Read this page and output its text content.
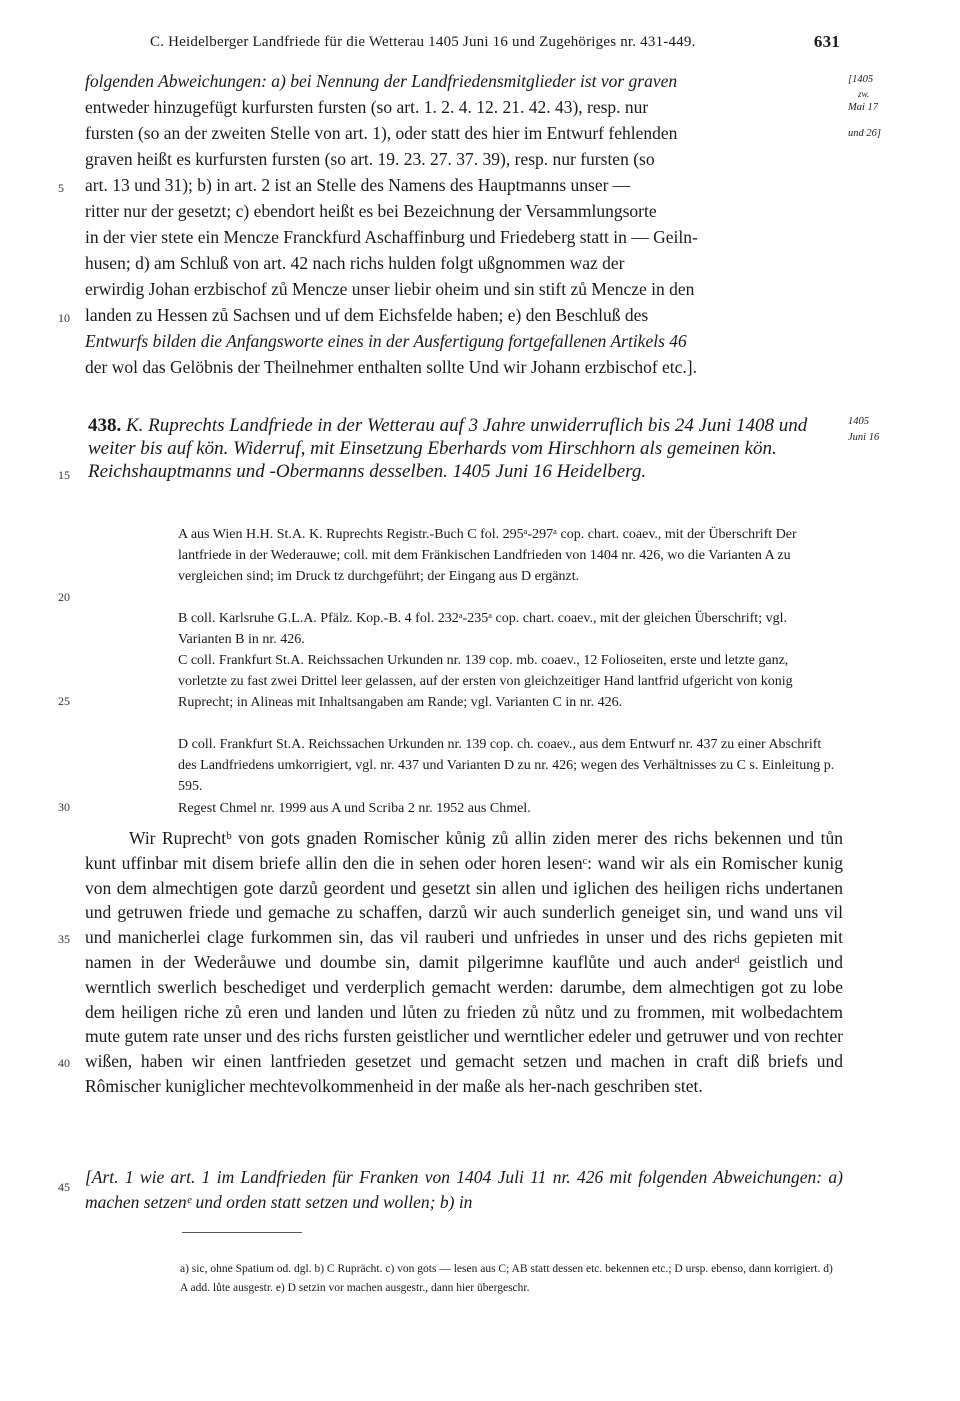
C. Heidelberger Landfriede für die Wetterau 1405 Juni 16 und Zugehöriges nr. 431-449.	631
folgenden Abweichungen: a) bei Nennung der Landfriedensmitglieder ist vor graven
entweder hinzugefügt kurfursten fursten (so art. 1. 2. 4. 12. 21. 42. 43), resp. nur
fursten (so an der zweiten Stelle von art. 1), oder statt des hier im Entwurf fehlenden
graven heißt es kurfursten fursten (so art. 19. 23. 27. 37. 39), resp. nur fursten (so
art. 13 und 31); b) in art. 2 ist an Stelle des Namens des Hauptmanns unser —
ritter nur der gesetzt; c) ebendort heißt es bei Bezeichnung der Versammlungsorte
in der vier stete ein Mencze Franckfurd Aschaffinburg und Friedeberg statt in — Geiln-
husen; d) am Schluß von art. 42 nach richs hulden folgt ußgnommen waz der
erwirdig Johan erzbischof zů Mencze unser liebir oheim und sin stift zů Mencze in den
landen zu Hessen zů Sachsen und uf dem Eichsfelde haben; e) den Beschluß des
Entwurfs bilden die Anfangsworte eines in der Ausfertigung fortgefallenen Artikels 46
der wol das Gelöbnis der Theilnehmer enthalten sollte Und wir Johann erzbischof etc.].
5
10
[1405
zw.
Mai 17
und 26]
438. K. Ruprechts Landfriede in der Wetterau auf 3 Jahre unwiderruflich bis 24 Juni 1408 und weiter bis auf kön. Widerruf, mit Einsetzung Eberhards vom Hirschhorn als gemeinen kön. Reichshauptmanns und -Obermanns desselben. 1405 Juni 16 Heidelberg.
1405
Juni 16
15
A aus Wien H.H. St.A. K. Ruprechts Registr.-Buch C fol. 295ᵃ-297ᵃ cop. chart. coaev., mit der Überschrift Der lantfriede in der Wederauwe; coll. mit dem Fränkischen Landfrieden von 1404 nr. 426, wo die Varianten A zu vergleichen sind; im Druck tz durchgeführt; der Eingang aus D ergänzt.
B coll. Karlsruhe G.L.A. Pfälz. Kop.-B. 4 fol. 232ᵃ-235ᵃ cop. chart. coaev., mit der gleichen Überschrift; vgl. Varianten B in nr. 426.
C coll. Frankfurt St.A. Reichssachen Urkunden nr. 139 cop. mb. coaev., 12 Folioseiten, erste und letzte ganz, vorletzte zu fast zwei Drittel leer gelassen, auf der ersten von gleichzeitiger Hand lantfrid ufgericht von konig Ruprecht; in Alineas mit Inhaltsangaben am Rande; vgl. Varianten C in nr. 426.
D coll. Frankfurt St.A. Reichssachen Urkunden nr. 139 cop. ch. coaev., aus dem Entwurf nr. 437 zu einer Abschrift des Landfriedens umkorrigiert, vgl. nr. 437 und Varianten D zu nr. 426; wegen des Verhältnisses zu C s. Einleitung p. 595.
Regest Chmel nr. 1999 aus A und Scriba 2 nr. 1952 aus Chmel.
20
25
30

Wir Ruprechtᵇ von gots gnaden Romischer kůnig zů allin ziden merer des richs bekennen und tůn kunt uffinbar mit disem briefe allin den die in sehen oder horen lesenᶜ: wand wir als ein Romischer kunig von dem almechtigen gote darzů geordent und gesetzt sin allen und iglichen des heiligen richs undertanen und getruwen friede und gemache zu schaffen, darzů wir auch sunderlich geneiget sin, und wand uns vil und manicherlei clage furkommen sin, das vil rauberi und unfriedes in unser und des richs gepieten mit namen in der Wederåuwe und doumbe sin, damit pilgerimne kauflůte und auch anderᵈ geistlich und werntlich swerlich beschediget und verderplich gemacht werden: darumbe, dem almechtigen got zu lobe dem heiligen riche zů eren und landen und lůten zu frieden zů nůtz und zu frommen, mit wolbedachtem mute gutem rate unser und des richs fursten geistlicher und werntlicher edeler und getruwer und von rechter wißen, haben wir einen lantfrieden gesetzet und gemacht setzen und machen in craft diß briefs und Rômischer kuniglicher mechtevolkommenheid in der maße als her-nach geschriben stet.

35
40
45 [Art. 1 wie art. 1 im Landfrieden für Franken von 1404 Juli 11 nr. 426 mit folgenden Abweichungen: a) machen setzenᵉ und orden statt setzen und wollen; b) in
a) sic, ohne Spatium od. dgl. b) C Ruprächt. c) von gots — lesen aus C; AB statt dessen etc. bekennen etc.; D ursp. ebenso, dann korrigiert. d) A add. lůte ausgestr. e) D setzin vor machen ausgestr., dann hier übergeschr.
